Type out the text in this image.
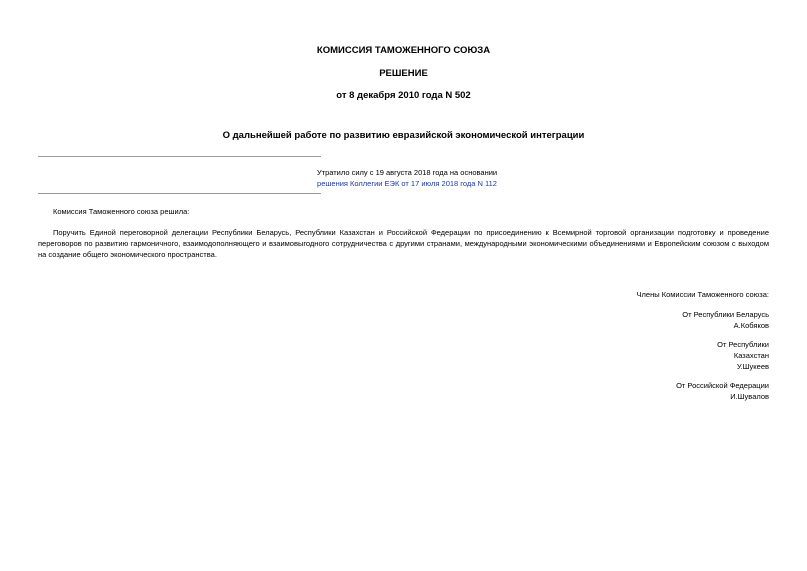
КОМИССИЯ ТАМОЖЕННОГО СОЮЗА
РЕШЕНИЕ
от 8 декабря 2010 года N 502
О дальнейшей работе по развитию евразийской экономической интеграции
Утратило силу с 19 августа 2018 года на основании
решения Коллегии ЕЭК от 17 июля 2018 года N 112
Комиссия Таможенного союза решила:
Поручить Единой переговорной делегации Республики Беларусь, Республики Казахстан и Российской Федерации по присоединению к Всемирной торговой организации подготовку и проведение переговоров по развитию гармоничного, взаимодополняющего и взаимовыгодного сотрудничества с другими странами, международными экономическими объединениями и Европейским союзом с выходом на создание общего экономического пространства.
Члены Комиссии Таможенного союза:
От Республики Беларусь
А.Кобяков
От Республики
Казахстан
У.Шукеев
От Российской Федерации
И.Шувалов
